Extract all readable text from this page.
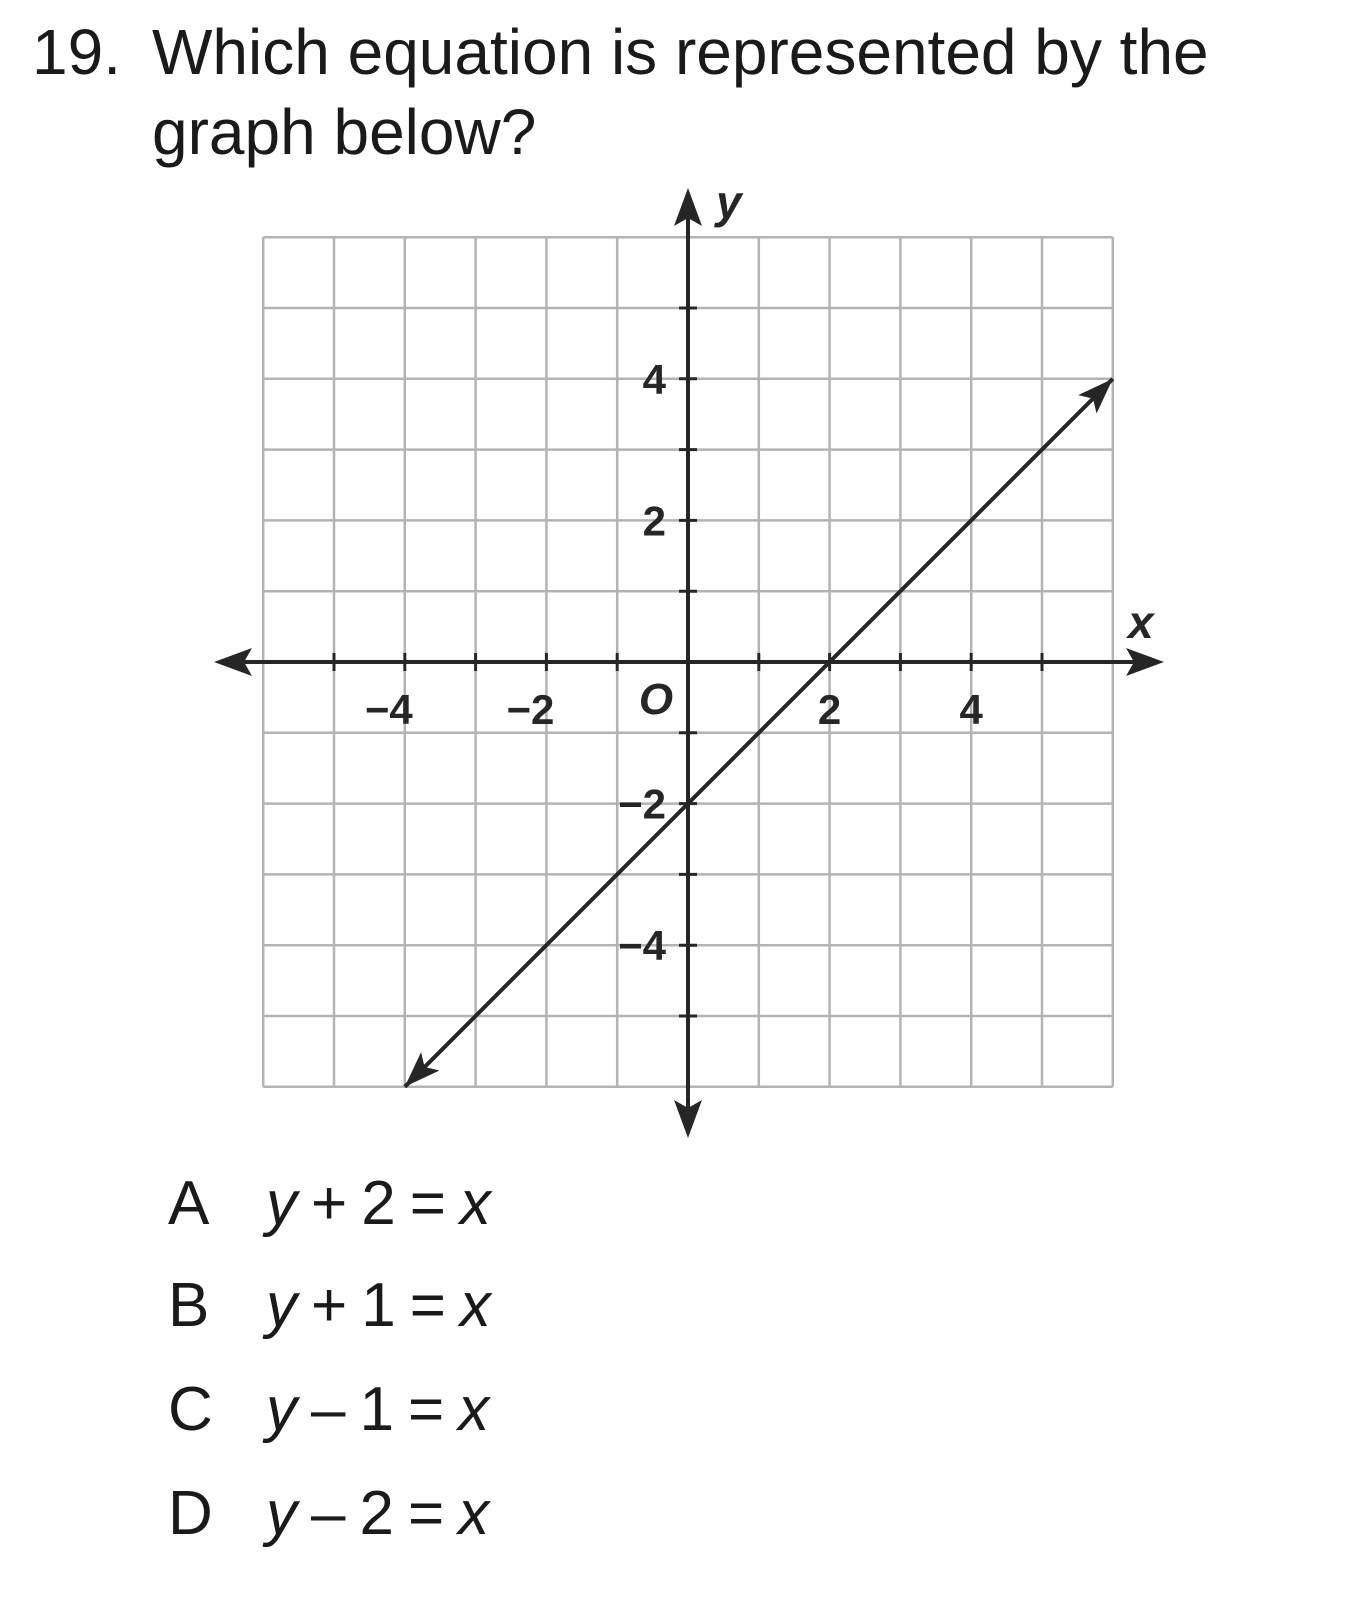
19. Which equation is represented by the graph below?
x
y
O
−4 −2	2	4
4
2
−2
−4
A y + 2 = x
B y + 1 = x
C y – 1 = x
D y – 2 = x
